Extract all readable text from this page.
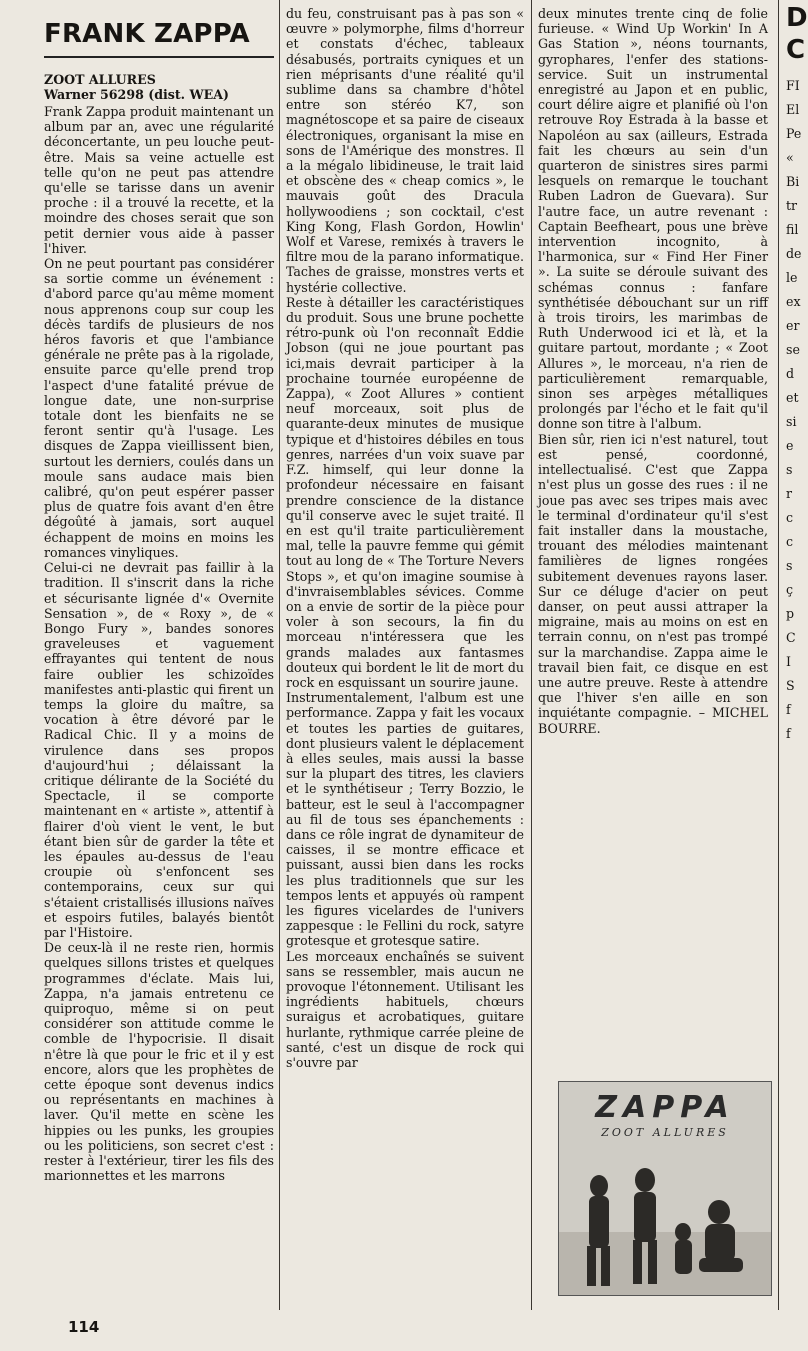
FRANK ZAPPA
ZOOT ALLURES
Warner 56298 (dist. WEA)

Frank Zappa produit maintenant un album par an, avec une régularité déconcertante, un peu louche peut-être. Mais sa veine actuelle est telle qu'on ne peut pas attendre qu'elle se tarisse dans un avenir proche : il a trouvé la recette, et la moindre des choses serait que son petit dernier vous aide à passer l'hiver.

On ne peut pourtant pas considérer sa sortie comme un événement : d'abord parce qu'au même moment nous apprenons coup sur coup les décès tardifs de plusieurs de nos héros favoris et que l'ambiance générale ne prête pas à la rigolade, ensuite parce qu'elle prend trop l'aspect d'une fatalité prévue de longue date, une non-surprise totale dont les bienfaits ne se feront sentir qu'à l'usage. Les disques de Zappa vieillissent bien, surtout les derniers, coulés dans un moule sans audace mais bien calibré, qu'on peut espérer passer plus de quatre fois avant d'en être dégoûté à jamais, sort auquel échappent de moins en moins les romances vinyliques.

Celui-ci ne devrait pas faillir à la tradition. Il s'inscrit dans la riche et sécurisante lignée d'« Overnite Sensation », de « Roxy », de « Bongo Fury », bandes sonores graveleuses et vaguement effrayantes qui tentent de nous faire oublier les schizoïdes manifestes anti-plastic qui firent un temps la gloire du maître, sa vocation à être dévoré par le Radical Chic. Il y a moins de virulence dans ses propos d'aujourd'hui ; délaissant la critique délirante de la Société du Spectacle, il se comporte maintenant en « artiste », attentif à flairer d'où vient le vent, le but étant bien sûr de garder la tête et les épaules au-dessus de l'eau croupie où s'enfoncent ses contemporains, ceux sur qui s'étaient cristallisés illusions naïves et espoirs futiles, balayés bientôt par l'Histoire.

De ceux-là il ne reste rien, hormis quelques sillons tristes et quelques programmes d'éclate. Mais lui, Zappa, n'a jamais entretenu ce quiproquo, même si on peut considérer son attitude comme le comble de l'hypocrisie. Il disait n'être là que pour le fric et il y est encore, alors que les prophètes de cette époque sont devenus indics ou représentants en machines à laver. Qu'il mette en scène les hippies ou les punks, les groupies ou les politiciens, son secret c'est : rester à l'extérieur, tirer les fils des marionnettes et les marrons

du feu, construisant pas à pas son « œuvre » polymorphe, films d'horreur et constats d'échec, tableaux désabusés, portraits cyniques et un rien méprisants d'une réalité qu'il sublime dans sa chambre d'hôtel entre son stéréo K7, son magnétoscope et sa paire de ciseaux électroniques, organisant la mise en sons de l'Amérique des monstres. Il a la mégalo libidineuse, le trait laid et obscène des « cheap comics », le mauvais goût des Dracula hollywoodiens ; son cocktail, c'est King Kong, Flash Gordon, Howlin' Wolf et Varese, remixés à travers le filtre mou de la parano informatique. Taches de graisse, monstres verts et hystérie collective.

Reste à détailler les caractéristiques du produit. Sous une brune pochette rétro-punk où l'on reconnaît Eddie Jobson (qui ne joue pourtant pas ici,mais devrait participer à la prochaine tournée européenne de Zappa), « Zoot Allures » contient neuf morceaux, soit plus de quarante-deux minutes de musique typique et d'histoires débiles en tous genres, narrées d'un voix suave par F.Z. himself, qui leur donne la profondeur nécessaire en faisant prendre conscience de la distance qu'il conserve avec le sujet traité. Il en est qu'il traite particulièrement mal, telle la pauvre femme qui gémit tout au long de « The Torture Nevers Stops », et qu'on imagine soumise à d'invraisemblables sévices. Comme on a envie de sortir de la pièce pour voler à son secours, la fin du morceau n'intéressera que les grands malades aux fantasmes douteux qui bordent le lit de mort du rock en esquissant un sourire jaune.

Instrumentalement, l'album est une performance. Zappa y fait les vocaux et toutes les parties de guitares, dont plusieurs valent le déplacement à elles seules, mais aussi la basse sur la plupart des titres, les claviers et le synthétiseur ; Terry Bozzio, le batteur, est le seul à l'accompagner au fil de tous ses épanchements : dans ce rôle ingrat de dynamiteur de caisses, il se montre efficace et puissant, aussi bien dans les rocks les plus traditionnels que sur les tempos lents et appuyés où rampent les figures vicelardes de l'univers zappesque : le Fellini du rock, satyre grotesque et grotesque satire.

Les morceaux enchaînés se suivent sans se ressembler, mais aucun ne provoque l'étonnement. Utilisant les ingrédients habituels, chœurs suraigus et acrobatiques, guitare hurlante, rythmique carrée pleine de santé, c'est un disque de rock qui s'ouvre par

deux minutes trente cinq de folie furieuse. « Wind Up Workin' In A Gas Station », néons tournants, gyrophares, l'enfer des stations-service. Suit un instrumental enregistré au Japon et en public, court délire aigre et planifié où l'on retrouve Roy Estrada à la basse et Napoléon au sax (ailleurs, Estrada fait les chœurs au sein d'un quarteron de sinistres sires parmi lesquels on remarque le touchant Ruben Ladron de Guevara). Sur l'autre face, un autre revenant : Captain Beefheart, pous une brève intervention incognito, à l'harmonica, sur « Find Her Finer ». La suite se déroule suivant des schémas connus : fanfare synthétisée débouchant sur un riff à trois tiroirs, les marimbas de Ruth Underwood ici et là, et la guitare partout, mordante ; « Zoot Allures », le morceau, n'a rien de particulièrement remarquable, sinon ses arpèges métalliques prolongés par l'écho et le fait qu'il donne son titre à l'album.

Bien sûr, rien ici n'est naturel, tout est pensé, coordonné, intellectualisé. C'est que Zappa n'est plus un gosse des rues : il ne joue pas avec ses tripes mais avec le terminal d'ordinateur qu'il s'est fait installer dans la moustache, trouant des mélodies maintenant familières de lignes rongées subitement devenues rayons laser. Sur ce déluge d'acier on peut danser, on peut aussi attraper la migraine, mais au moins on est en terrain connu, on n'est pas trompé sur la marchandise. Zappa aime le travail bien fait, ce disque en est une autre preuve. Reste à attendre que l'hiver s'en aille en son inquiétante compagnie. – MICHEL BOURRE.

ZAPPA
ZOOT ALLURES
D
C
FI
El
Pe
«
Bi
tr
fil
de
le
ex
er
se
d
et
si
e
s
r
c
c
s
ç
p
C
I
S
f
f
114
